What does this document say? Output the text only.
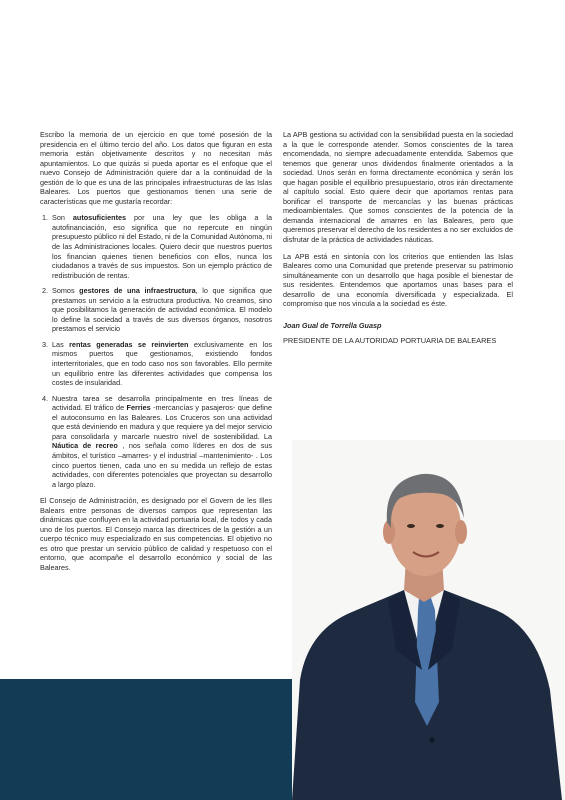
Escribo la memoria de un ejercicio en que tomé posesión de la presidencia en el último tercio del año. Los datos que figuran en esta memoria están objetivamente descritos y no necesitan más apuntamientos. Lo que quizás si pueda aportar es el enfoque que el nuevo Consejo de Administración quiere dar a la continuidad de la gestión de lo que es una de las principales infraestructuras de las Islas Baleares. Los puertos que gestionamos tienen una serie de características que me gustaría recordar:

1. Son autosuficientes por una ley que les obliga a la autofinanciación, eso significa que no repercute en ningún presupuesto público ni del Estado, ni de la Comunidad Autónoma, ni de las Administraciones locales. Quiero decir que nuestros puertos los financian quienes tienen beneficios con ellos, nunca los ciudadanos a través de sus impuestos. Son un ejemplo práctico de redistribución de rentas.
2. Somos gestores de una infraestructura, lo que significa que prestamos un servicio a la estructura productiva. No creamos, sino que posibilitamos la generación de actividad económica. El modelo lo define la sociedad a través de sus diversos órganos, nosotros prestamos el servicio
3. Las rentas generadas se reinvierten exclusivamente en los mismos puertos que gestionamos, existiendo fondos interterritoriales, que en todo caso nos son favorables. Ello permite un equilibrio entre las diferentes actividades que compensa los costes de insularidad.
4. Nuestra tarea se desarrolla principalmente en tres líneas de actividad. El tráfico de Ferries -mercancías y pasajeros- que define el autoconsumo en las Baleares. Los Cruceros son una actividad que está deviniendo en madura y que requiere ya del mejor servicio para consolidarla y marcarle nuestro nivel de sostenibilidad. La Náutica de recreo , nos señala como líderes en dos de sus ámbitos, el turístico –amarres- y el industrial –mantenimiento- . Los cinco puertos tienen, cada uno en su medida un reflejo de estas actividades, con diferentes potenciales que proyectan su desarrollo a largo plazo.

El Consejo de Administración, es designado por el Govern de les Illes Balears entre personas de diversos campos que representan las dinámicas que confluyen en la actividad portuaria local, de todos y cada uno de los puertos. El Consejo marca las directrices de la gestión a un cuerpo técnico muy especializado en sus competencias. El objetivo no es otro que prestar un servicio público de calidad y respetuoso con el entorno, que acompañe el desarrollo económico y social de las Baleares.

La APB gestiona su actividad con la sensibilidad puesta en la sociedad a la que le corresponde atender. Somos conscientes de la tarea encomendada, no siempre adecuadamente entendida. Sabemos que tenemos que generar unos dividendos finalmente orientados a la sociedad. Unos serán en forma directamente económica y serán los que hagan posible el equilibrio presupuestario, otros irán directamente al capítulo social. Esto quiere decir que aportamos rentas para bonificar el transporte de mercancías y las buenas prácticas medioambientales. Que somos conscientes de la potencia de la demanda internacional de amarres en las Baleares, pero que queremos preservar el derecho de los residentes a no ser excluidos de disfrutar de la práctica de actividades náuticas.

La APB está en sintonía con los criterios que entienden las Islas Baleares como una Comunidad que pretende preservar su patrimonio simultáneamente con un desarrollo que haga posible el bienestar de sus residentes. Entendemos que aportamos unas bases para el desarrollo de una economía diversificada y especializada. El compromiso que nos vincula a la sociedad es éste.

Joan Gual de Torrella Guasp
PRESIDENTE DE LA AUTORIDAD PORTUARIA DE BALEARES
